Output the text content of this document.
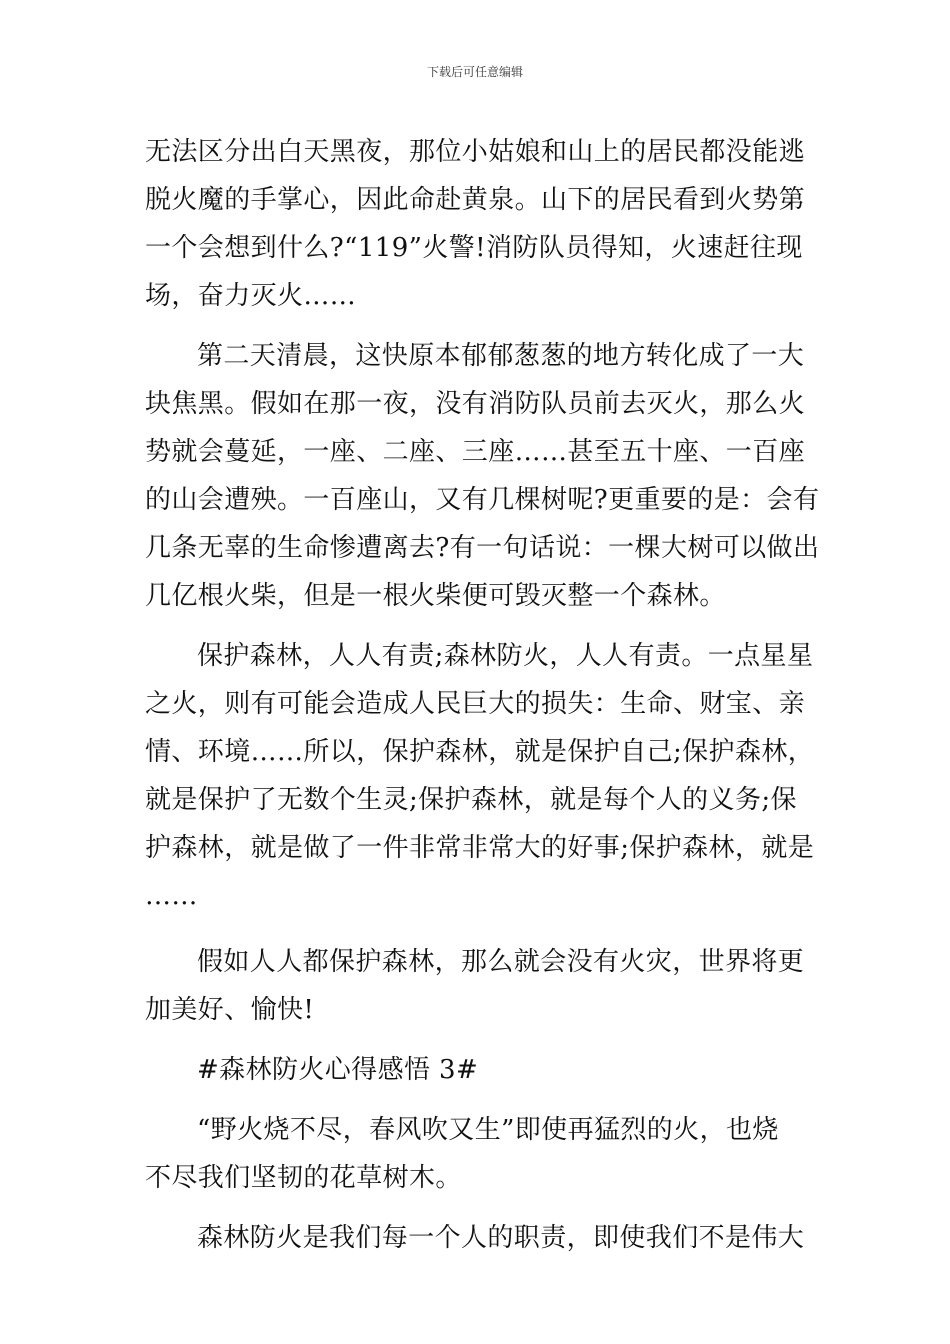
下载后可任意编辑
无法区分出白天黑夜，那位小姑娘和山上的居民都没能逃
脱火魔的手掌心，因此命赴黄泉。山下的居民看到火势第
一个会想到什么?“119”火警!消防队员得知，火速赶往现
场，奋力灭火……
第二天清晨，这快原本郁郁葱葱的地方转化成了一大
块焦黑。假如在那一夜，没有消防队员前去灭火，那么火
势就会蔓延，一座、二座、三座……甚至五十座、一百座
的山会遭殃。一百座山，又有几棵树呢?更重要的是：会有
几条无辜的生命惨遭离去?有一句话说：一棵大树可以做出
几亿根火柴，但是一根火柴便可毁灭整一个森林。
保护森林，人人有责;森林防火，人人有责。一点星星
之火，则有可能会造成人民巨大的损失：生命、财宝、亲
情、环境……所以，保护森林，就是保护自己;保护森林，
就是保护了无数个生灵;保护森林，就是每个人的义务;保
护森林，就是做了一件非常非常大的好事;保护森林，就是
……
假如人人都保护森林，那么就会没有火灾，世界将更
加美好、愉快!
#森林防火心得感悟 3#
“野火烧不尽，春风吹又生”即使再猛烈的火，也烧
不尽我们坚韧的花草树木。
森林防火是我们每一个人的职责，即使我们不是伟大
